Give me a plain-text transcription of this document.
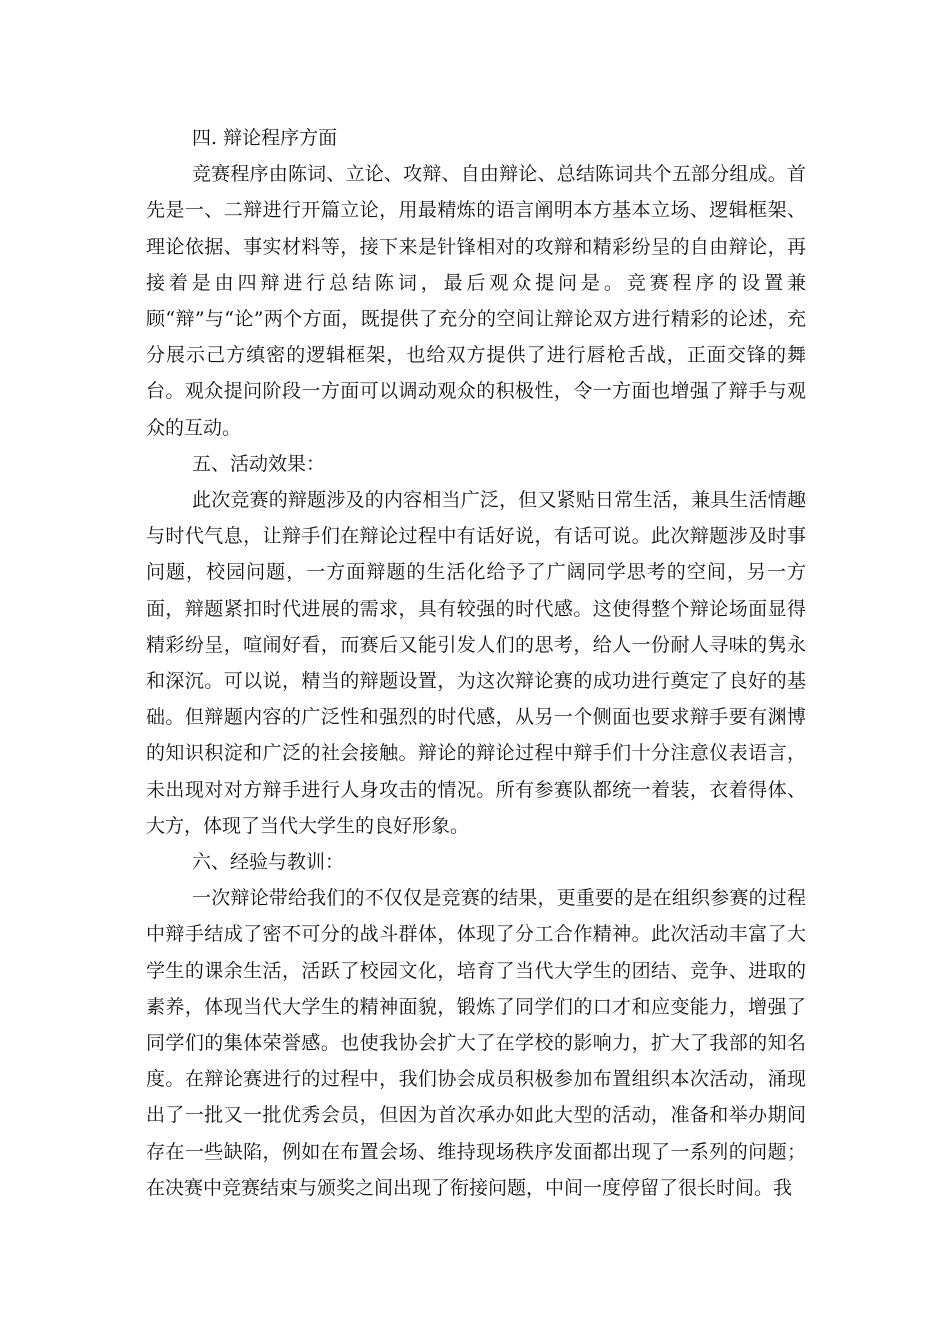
四. 辩论程序方面

竞赛程序由陈词、立论、攻辩、自由辩论、总结陈词共个五部分组成。首先是一、二辩进行开篇立论，用最精炼的语言阐明本方基本立场、逻辑框架、理论依据、事实材料等，接下来是针锋相对的攻辩和精彩纷呈的自由辩论，再接着是由四辩进行总结陈词，最后观众提问是。竞赛程序的设置兼顾“辩”与“论”两个方面，既提供了充分的空间让辩论双方进行精彩的论述，充分展示己方缜密的逻辑框架，也给双方提供了进行唇枪舌战，正面交锋的舞台。观众提问阶段一方面可以调动观众的积极性，令一方面也增强了辩手与观众的互动。

五、活动效果：

此次竞赛的辩题涉及的内容相当广泛，但又紧贴日常生活，兼具生活情趣与时代气息，让辩手们在辩论过程中有话好说，有话可说。此次辩题涉及时事问题，校园问题，一方面辩题的生活化给予了广阔同学思考的空间，另一方面，辩题紧扣时代进展的需求，具有较强的时代感。这使得整个辩论场面显得精彩纷呈，喧闹好看，而赛后又能引发人们的思考，给人一份耐人寻味的隽永和深沉。可以说，精当的辩题设置，为这次辩论赛的成功进行奠定了良好的基础。但辩题内容的广泛性和强烈的时代感，从另一个侧面也要求辩手要有渊博的知识积淀和广泛的社会接触。辩论的辩论过程中辩手们十分注意仪表语言，未出现对对方辩手进行人身攻击的情况。所有参赛队都统一着装，衣着得体、大方，体现了当代大学生的良好形象。

六、经验与教训：

一次辩论带给我们的不仅仅是竞赛的结果，更重要的是在组织参赛的过程中辩手结成了密不可分的战斗群体，体现了分工合作精神。此次活动丰富了大学生的课余生活，活跃了校园文化，培育了当代大学生的团结、竞争、进取的素养，体现当代大学生的精神面貌，锻炼了同学们的口才和应变能力，增强了同学们的集体荣誉感。也使我协会扩大了在学校的影响力，扩大了我部的知名度。在辩论赛进行的过程中，我们协会成员积极参加布置组织本次活动，涌现出了一批又一批优秀会员，但因为首次承办如此大型的活动，准备和举办期间存在一些缺陷，例如在布置会场、维持现场秩序发面都出现了一系列的问题；在决赛中竞赛结束与颁奖之间出现了衔接问题，中间一度停留了很长时间。我
